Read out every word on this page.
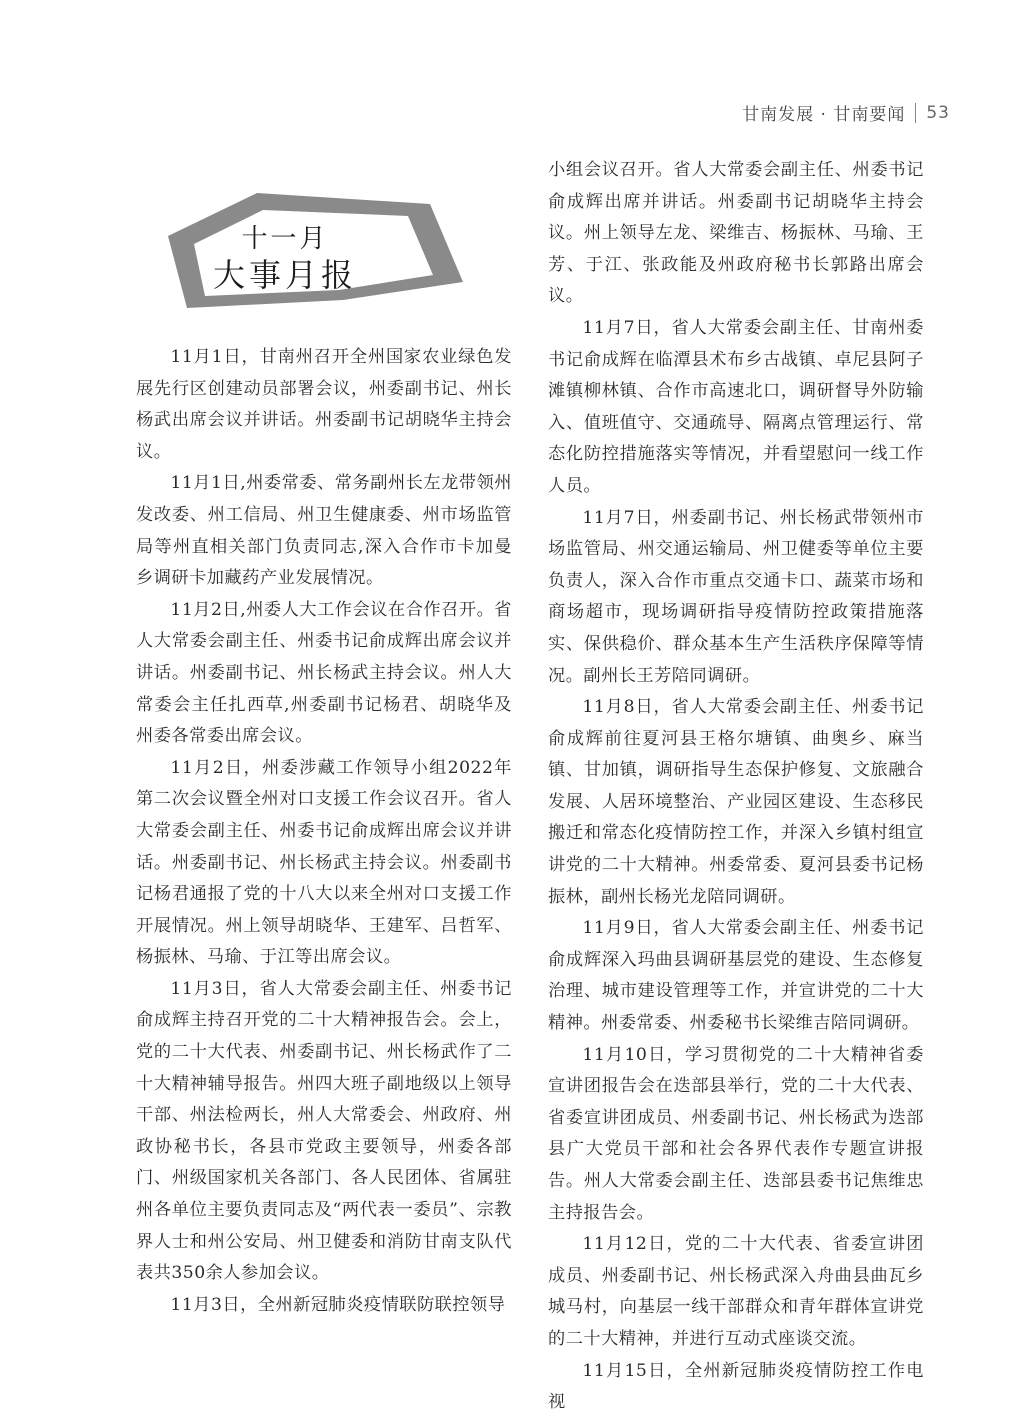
甘南发展 · 甘南要闻 53
十一月
大事月报

11月1日，甘南州召开全州国家农业绿色发展先行区创建动员部署会议，州委副书记、州长杨武出席会议并讲话。州委副书记胡晓华主持会议。

11月1日,州委常委、常务副州长左龙带领州发改委、州工信局、州卫生健康委、州市场监管局等州直相关部门负责同志,深入合作市卡加曼乡调研卡加藏药产业发展情况。

11月2日,州委人大工作会议在合作召开。省人大常委会副主任、州委书记俞成辉出席会议并讲话。州委副书记、州长杨武主持会议。州人大常委会主任扎西草,州委副书记杨君、胡晓华及州委各常委出席会议。

11月2日，州委涉藏工作领导小组2022年第二次会议暨全州对口支援工作会议召开。省人大常委会副主任、州委书记俞成辉出席会议并讲话。州委副书记、州长杨武主持会议。州委副书记杨君通报了党的十八大以来全州对口支援工作开展情况。州上领导胡晓华、王建军、吕哲军、杨振林、马瑜、于江等出席会议。

11月3日，省人大常委会副主任、州委书记俞成辉主持召开党的二十大精神报告会。会上，党的二十大代表、州委副书记、州长杨武作了二十大精神辅导报告。州四大班子副地级以上领导干部、州法检两长，州人大常委会、州政府、州政协秘书长，各县市党政主要领导，州委各部门、州级国家机关各部门、各人民团体、省属驻州各单位主要负责同志及“两代表一委员”、宗教界人士和州公安局、州卫健委和消防甘南支队代表共350余人参加会议。

11月3日，全州新冠肺炎疫情联防联控领导

小组会议召开。省人大常委会副主任、州委书记俞成辉出席并讲话。州委副书记胡晓华主持会议。州上领导左龙、梁维吉、杨振林、马瑜、王芳、于江、张政能及州政府秘书长郭路出席会议。

11月7日，省人大常委会副主任、甘南州委书记俞成辉在临潭县术布乡古战镇、卓尼县阿子滩镇柳林镇、合作市高速北口，调研督导外防输入、值班值守、交通疏导、隔离点管理运行、常态化防控措施落实等情况，并看望慰问一线工作人员。

11月7日，州委副书记、州长杨武带领州市场监管局、州交通运输局、州卫健委等单位主要负责人，深入合作市重点交通卡口、蔬菜市场和商场超市，现场调研指导疫情防控政策措施落实、保供稳价、群众基本生产生活秩序保障等情况。副州长王芳陪同调研。

11月8日，省人大常委会副主任、州委书记俞成辉前往夏河县王格尔塘镇、曲奥乡、麻当镇、甘加镇，调研指导生态保护修复、文旅融合发展、人居环境整治、产业园区建设、生态移民搬迁和常态化疫情防控工作，并深入乡镇村组宣讲党的二十大精神。州委常委、夏河县委书记杨振林，副州长杨光龙陪同调研。

11月9日，省人大常委会副主任、州委书记俞成辉深入玛曲县调研基层党的建设、生态修复治理、城市建设管理等工作，并宣讲党的二十大精神。州委常委、州委秘书长梁维吉陪同调研。

11月10日，学习贯彻党的二十大精神省委宣讲团报告会在迭部县举行，党的二十大代表、省委宣讲团成员、州委副书记、州长杨武为迭部县广大党员干部和社会各界代表作专题宣讲报告。州人大常委会副主任、迭部县委书记焦维忠主持报告会。

11月12日，党的二十大代表、省委宣讲团成员、州委副书记、州长杨武深入舟曲县曲瓦乡城马村，向基层一线干部群众和青年群体宣讲党的二十大精神，并进行互动式座谈交流。

11月15日，全州新冠肺炎疫情防控工作电视
